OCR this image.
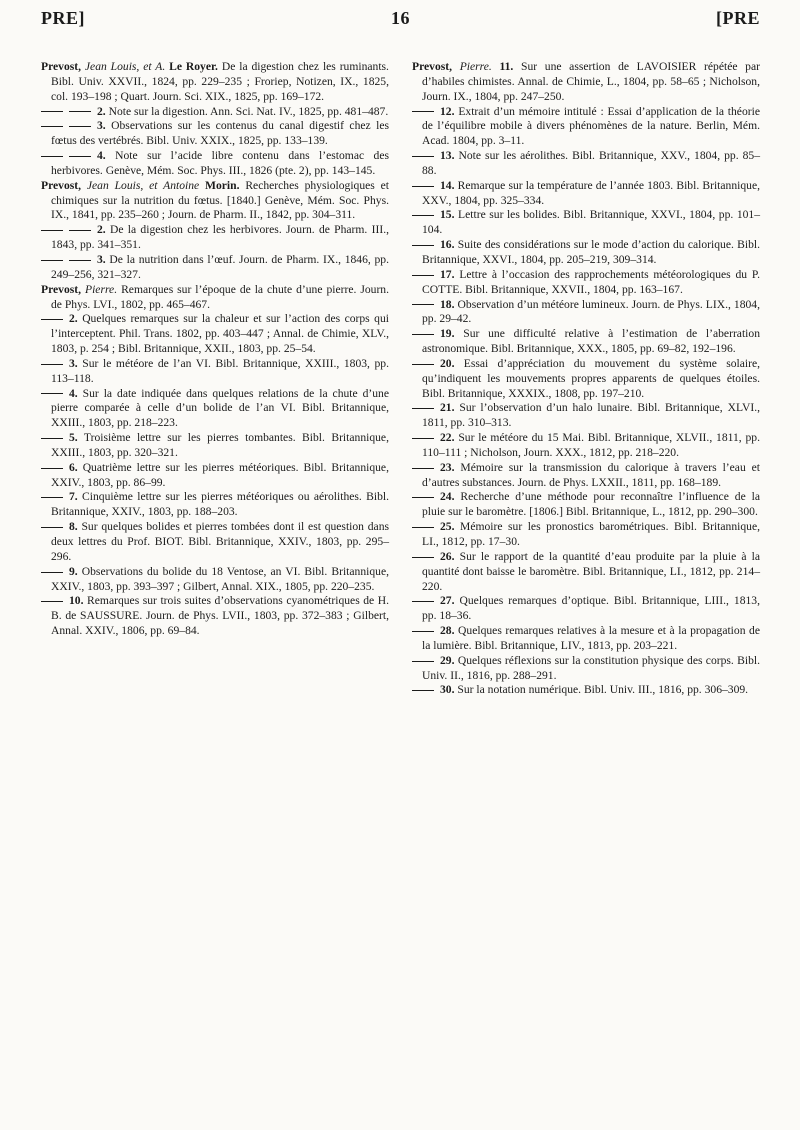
PRE]	16	[PRE
Prevost, Jean Louis, et A. Le Royer. De la digestion chez les ruminants. Bibl. Univ. XXVII., 1824, pp. 229–235 ; Froriep, Notizen, IX., 1825, col. 193–198 ; Quart. Journ. Sci. XIX., 1825, pp. 169–172.
2. Note sur la digestion. Ann. Sci. Nat. IV., 1825, pp. 481–487.
3. Observations sur les contenus du canal digestif chez les fœtus des vertébrés. Bibl. Univ. XXIX., 1825, pp. 133–139.
4. Note sur l’acide libre contenu dans l’estomac des herbivores. Genève, Mém. Soc. Phys. III., 1826 (pte. 2), pp. 143–145.
Prevost, Jean Louis, et Antoine Morin. Recherches physiologiques et chimiques sur la nutrition du fœtus. [1840.] Genève, Mém. Soc. Phys. IX., 1841, pp. 235–260 ; Journ. de Pharm. II., 1842, pp. 304–311.
2. De la digestion chez les herbivores. Journ. de Pharm. III., 1843, pp. 341–351.
3. De la nutrition dans l’œuf. Journ. de Pharm. IX., 1846, pp. 249–256, 321–327.
Prevost, Pierre. Remarques sur l’époque de la chute d’une pierre. Journ. de Phys. LVI., 1802, pp. 465–467.
2. Quelques remarques sur la chaleur et sur l’action des corps qui l’interceptent. Phil. Trans. 1802, pp. 403–447 ; Annal. de Chimie, XLV., 1803, p. 254 ; Bibl. Britannique, XXII., 1803, pp. 25–54.
3. Sur le météore de l’an VI. Bibl. Britannique, XXIII., 1803, pp. 113–118.
4. Sur la date indiquée dans quelques relations de la chute d’une pierre comparée à celle d’un bolide de l’an VI. Bibl. Britannique, XXIII., 1803, pp. 218–223.
5. Troisième lettre sur les pierres tombantes. Bibl. Britannique, XXIII., 1803, pp. 320–321.
6. Quatrième lettre sur les pierres météoriques. Bibl. Britannique, XXIV., 1803, pp. 86–99.
7. Cinquième lettre sur les pierres météoriques ou aérolithes. Bibl. Britannique, XXIV., 1803, pp. 188–203.
8. Sur quelques bolides et pierres tombées dont il est question dans deux lettres du Prof. BIOT. Bibl. Britannique, XXIV., 1803, pp. 295–296.
9. Observations du bolide du 18 Ventose, an VI. Bibl. Britannique, XXIV., 1803, pp. 393–397 ; Gilbert, Annal. XIX., 1805, pp. 220–235.
10. Remarques sur trois suites d’observations cyanométriques de H. B. de SAUSSURE. Journ. de Phys. LVII., 1803, pp. 372–383 ; Gilbert, Annal. XXIV., 1806, pp. 69–84.
Prevost, Pierre. 11. Sur une assertion de LAVOISIER répétée par d’habiles chimistes. Annal. de Chimie, L., 1804, pp. 58–65 ; Nicholson, Journ. IX., 1804, pp. 247–250.
12. Extrait d’un mémoire intitulé : Essai d’application de la théorie de l’équilibre mobile à divers phénomènes de la nature. Berlin, Mém. Acad. 1804, pp. 3–11.
13. Note sur les aérolithes. Bibl. Britannique, XXV., 1804, pp. 85–88.
14. Remarque sur la température de l’année 1803. Bibl. Britannique, XXV., 1804, pp. 325–334.
15. Lettre sur les bolides. Bibl. Britannique, XXVI., 1804, pp. 101–104.
16. Suite des considérations sur le mode d’action du calorique. Bibl. Britannique, XXVI., 1804, pp. 205–219, 309–314.
17. Lettre à l’occasion des rapprochements météorologiques du P. COTTE. Bibl. Britannique, XXVII., 1804, pp. 163–167.
18. Observation d’un météore lumineux. Journ. de Phys. LIX., 1804, pp. 29–42.
19. Sur une difficulté relative à l’estimation de l’aberration astronomique. Bibl. Britannique, XXX., 1805, pp. 69–82, 192–196.
20. Essai d’appréciation du mouvement du système solaire, qu’indiquent les mouvements propres apparents de quelques étoiles. Bibl. Britannique, XXXIX., 1808, pp. 197–210.
21. Sur l’observation d’un halo lunaire. Bibl. Britannique, XLVI., 1811, pp. 310–313.
22. Sur le météore du 15 Mai. Bibl. Britannique, XLVII., 1811, pp. 110–111 ; Nicholson, Journ. XXX., 1812, pp. 218–220.
23. Mémoire sur la transmission du calorique à travers l’eau et d’autres substances. Journ. de Phys. LXXII., 1811, pp. 168–189.
24. Recherche d’une méthode pour reconnaître l’influence de la pluie sur le baromètre. [1806.] Bibl. Britannique, L., 1812, pp. 290–300.
25. Mémoire sur les pronostics barométriques. Bibl. Britannique, LI., 1812, pp. 17–30.
26. Sur le rapport de la quantité d’eau produite par la pluie à la quantité dont baisse le baromètre. Bibl. Britannique, LI., 1812, pp. 214–220.
27. Quelques remarques d’optique. Bibl. Britannique, LIII., 1813, pp. 18–36.
28. Quelques remarques relatives à la mesure et à la propagation de la lumière. Bibl. Britannique, LIV., 1813, pp. 203–221.
29. Quelques réflexions sur la constitution physique des corps. Bibl. Univ. II., 1816, pp. 288–291.
30. Sur la notation numérique. Bibl. Univ. III., 1816, pp. 306–309.
